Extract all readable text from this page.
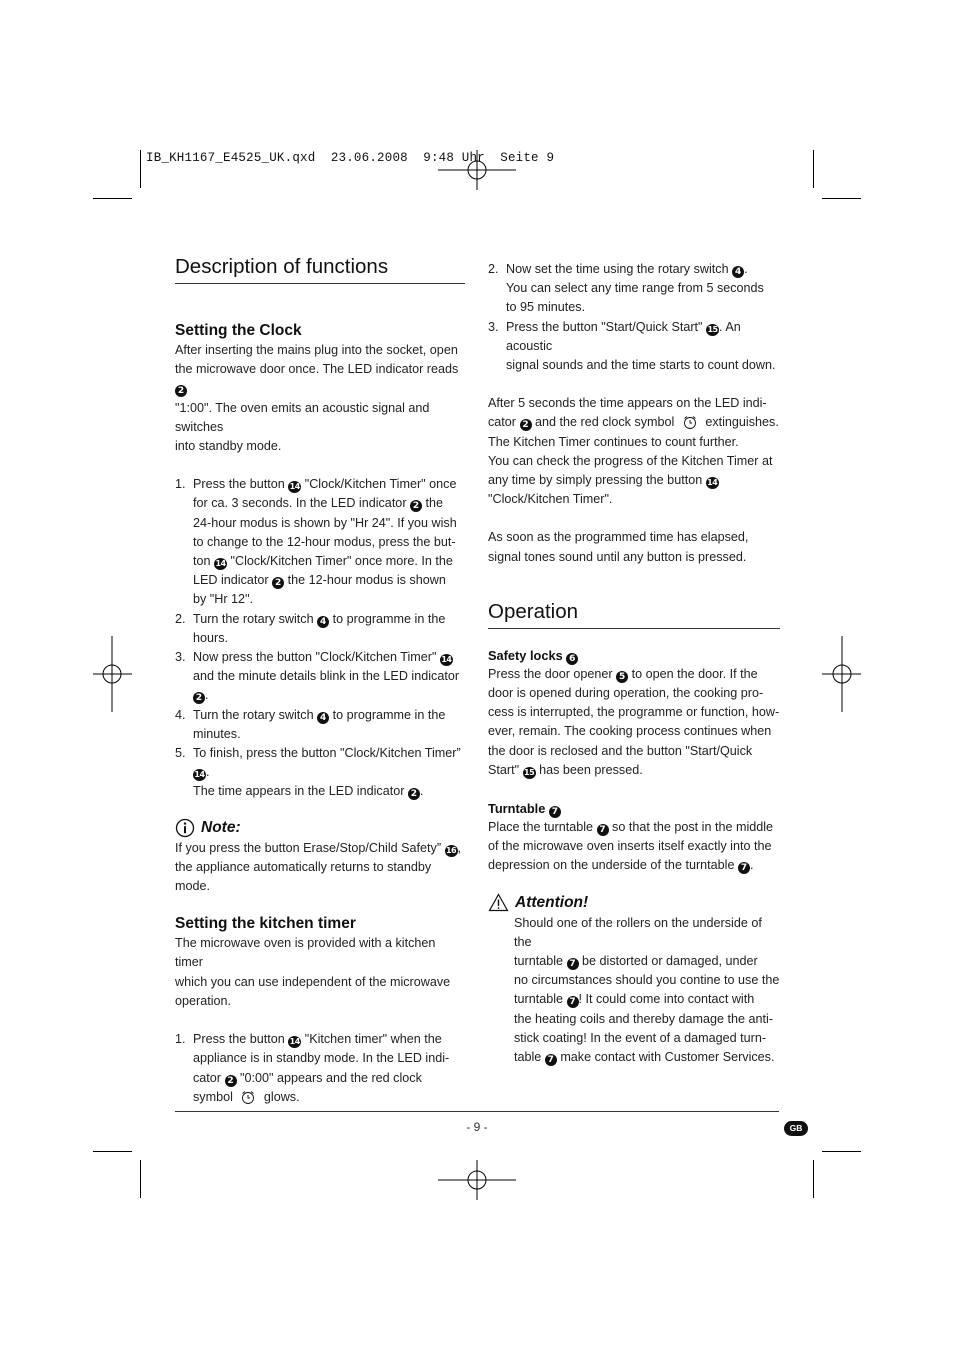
IB_KH1167_E4525_UK.qxd  23.06.2008  9:48 Uhr  Seite 9
Description of functions
Setting the Clock

After inserting the mains plug into the socket, open
the microwave door once. The LED indicator reads 2
"1:00". The oven emits an acoustic signal and switches
into standby mode.

1. Press the button 14 "Clock/Kitchen Timer" once
for ca. 3 seconds. In the LED indicator 2 the
24-hour modus is shown by "Hr 24". If you wish
to change to the 12-hour modus, press the but-
ton 14 "Clock/Kitchen Timer" once more. In the
LED indicator 2 the 12-hour modus is shown
by "Hr 12".
2. Turn the rotary switch 4 to programme in the
hours.
3. Now press the button "Clock/Kitchen Timer" 14
and the minute details blink in the LED indicator 2 .
4. Turn the rotary switch 4 to programme in the
minutes.
5. To finish, press the button "Clock/Kitchen Timer” 14.
The time appears in the LED indicator 2 .
Note:

If you press the button Erase/Stop/Child Safety” 16,
the appliance automatically returns to standby mode.

Setting the kitchen timer

The microwave oven is provided with a kitchen timer
which you can use independent of the microwave
operation.

1. Press the button 14 "Kitchen timer" when the
appliance is in standby mode. In the LED indi-
cator 2 "0:00" appears and the red clock
symbol glows.
2. Now set the time using the rotary switch 4 .
You can select any time range from 5 seconds
to 95 minutes.
3. Press the button "Start/Quick Start" 15. An acoustic
signal sounds and the time starts to count down.

After 5 seconds the time appears on the LED indi-
cator 2 and the red clock symbol extinguishes.
The Kitchen Timer continues to count further.
You can check the progress of the Kitchen Timer at
any time by simply pressing the button 14
"Clock/Kitchen Timer".

As soon as the programmed time has elapsed,
signal tones sound until any button is pressed.

Operation
Safety locks 6

Press the door opener 5 to open the door. If the
door is opened during operation, the cooking pro-
cess is interrupted, the programme or function, how-
ever, remain. The cooking process continues when
the door is reclosed and the button "Start/Quick
Start" 15 has been pressed.

Turntable 7

Place the turntable 7 so that the post in the middle
of the microwave oven inserts itself exactly into the
depression on the underside of the turntable 7 .

Attention!

Should one of the rollers on the underside of the
turntable 7 be distorted or damaged, under
no circumstances should you contine to use the
turntable 7 ! It could come into contact with
the heating coils and thereby damage the anti-
stick coating! In the event of a damaged turn-
table 7 make contact with Customer Services.

- 9 -	GB
